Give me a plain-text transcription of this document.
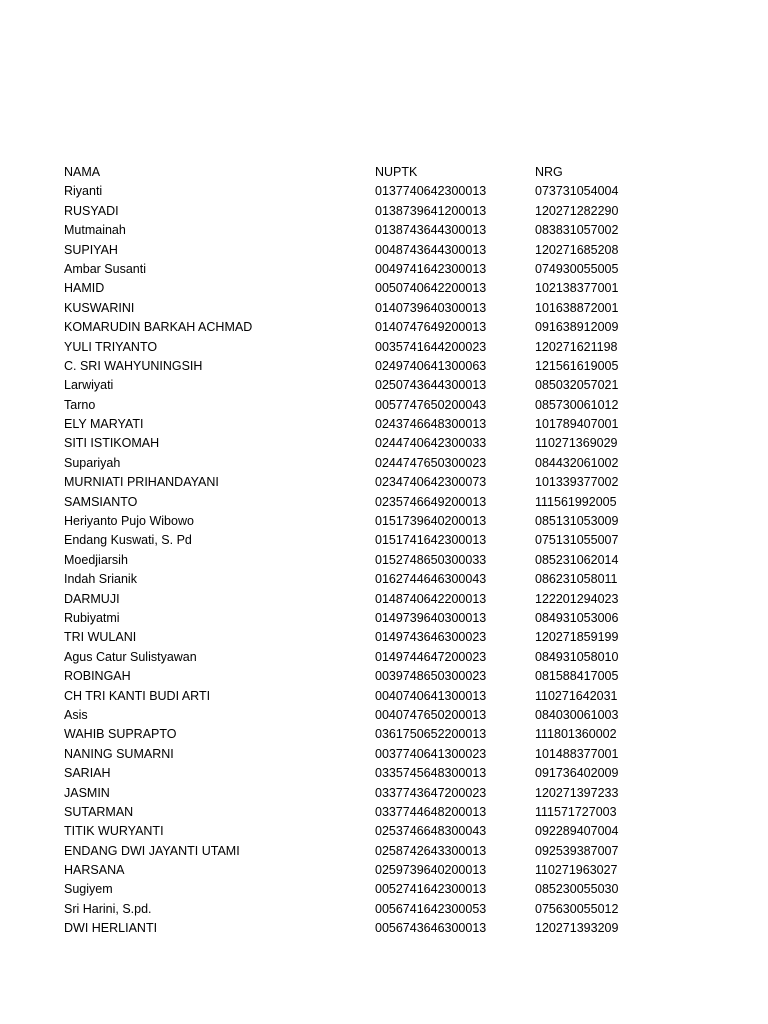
NAMA	NUPTK	NRG
Riyanti	0137740642300013	073731054004
RUSYADI	0138739641200013	120271282290
Mutmainah	0138743644300013	083831057002
SUPIYAH	0048743644300013	120271685208
Ambar Susanti	0049741642300013	074930055005
HAMID	0050740642200013	102138377001
KUSWARINI	0140739640300013	101638872001
KOMARUDIN BARKAH ACHMAD	0140747649200013	091638912009
YULI TRIYANTO	0035741644200023	120271621198
C. SRI WAHYUNINGSIH	0249740641300063	121561619005
Larwiyati	0250743644300013	085032057021
Tarno	0057747650200043	085730061012
ELY MARYATI	0243746648300013	101789407001
SITI ISTIKOMAH	0244740642300033	110271369029
Supariyah	0244747650300023	084432061002
MURNIATI PRIHANDAYANI	0234740642300073	101339377002
SAMSIANTO	0235746649200013	111561992005
Heriyanto Pujo Wibowo	0151739640200013	085131053009
Endang Kuswati, S. Pd	0151741642300013	075131055007
Moedjiarsih	0152748650300033	085231062014
Indah Srianik	0162744646300043	086231058011
DARMUJI	0148740642200013	122201294023
Rubiyatmi	0149739640300013	084931053006
TRI WULANI	0149743646300023	120271859199
Agus Catur Sulistyawan	0149744647200023	084931058010
ROBINGAH	0039748650300023	081588417005
CH TRI KANTI BUDI ARTI	0040740641300013	110271642031
Asis	0040747650200013	084030061003
WAHIB SUPRAPTO	0361750652200013	111801360002
NANING SUMARNI	0037740641300023	101488377001
SARIAH	0335745648300013	091736402009
JASMIN	0337743647200023	120271397233
SUTARMAN	0337744648200013	111571727003
TITIK WURYANTI	0253746648300043	092289407004
ENDANG DWI JAYANTI UTAMI	0258742643300013	092539387007
HARSANA	0259739640200013	110271963027
Sugiyem	0052741642300013	085230055030
Sri Harini, S.pd.	0056741642300053	075630055012
DWI HERLIANTI	0056743646300013	120271393209
